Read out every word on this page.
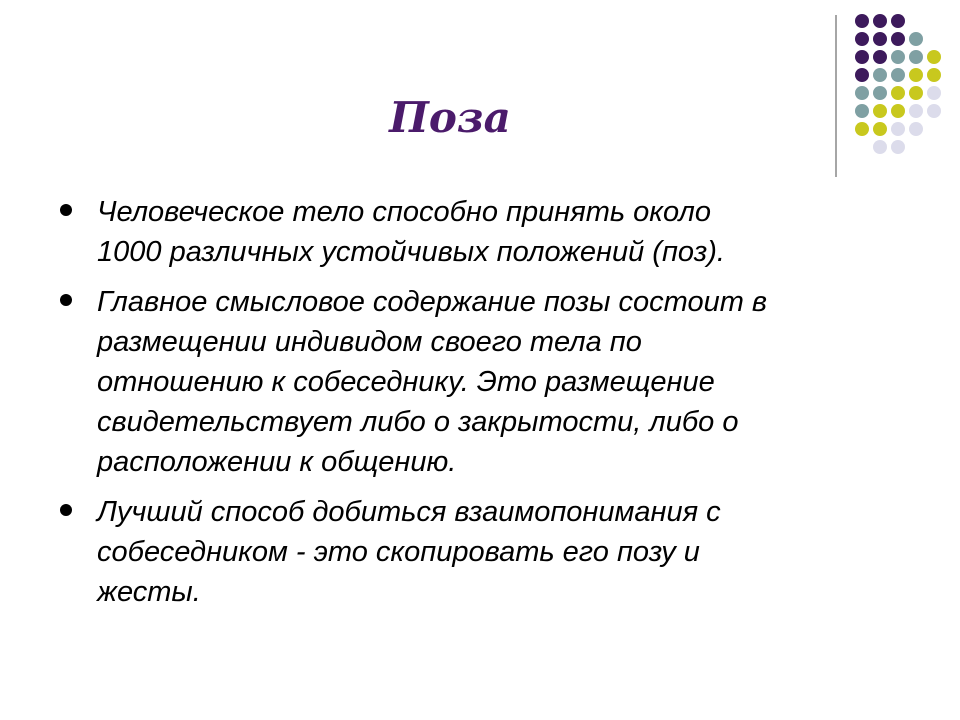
Поза
Человеческое тело способно принять около
1000 различных устойчивых положений (поз).
Главное смысловое содержание позы состоит в
размещении индивидом своего тела по
отношению к собеседнику. Это размещение
свидетельствует либо о закрытости, либо о
расположении к общению.
Лучший способ добиться взаимопонимания с
собеседником - это скопировать его позу и
жесты.
